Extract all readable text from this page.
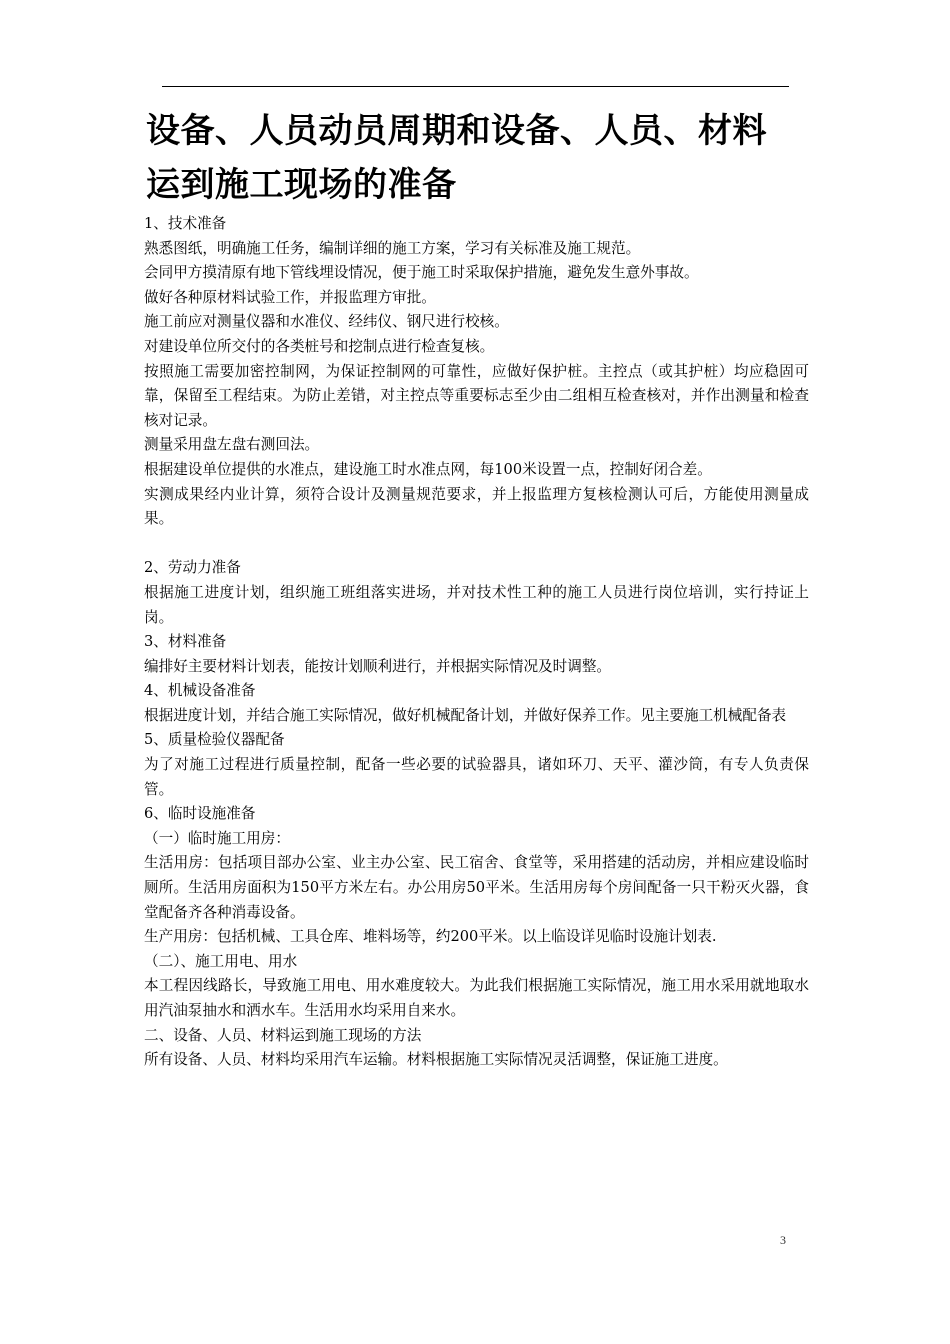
设备、人员动员周期和设备、人员、材料
运到施工现场的准备
1、技术准备
熟悉图纸，明确施工任务，编制详细的施工方案，学习有关标准及施工规范。
会同甲方摸清原有地下管线埋设情况，便于施工时采取保护措施，避免发生意外事故。
做好各种原材料试验工作，并报监理方审批。
施工前应对测量仪器和水准仪、经纬仪、钢尺进行校核。
对建设单位所交付的各类桩号和挖制点进行检查复核。
按照施工需要加密控制网，为保证控制网的可靠性，应做好保护桩。主控点（或其护桩）均应稳固可靠，保留至工程结束。为防止差错，对主控点等重要标志至少由二组相互检查核对，并作出测量和检查核对记录。
测量采用盘左盘右测回法。
根据建设单位提供的水准点，建设施工时水准点网，每100米设置一点，控制好闭合差。
实测成果经内业计算，须符合设计及测量规范要求，并上报监理方复核检测认可后，方能使用测量成果。
2、劳动力准备
根据施工进度计划，组织施工班组落实进场，并对技术性工种的施工人员进行岗位培训，实行持证上岗。
3、材料准备
编排好主要材料计划表，能按计划顺利进行，并根据实际情况及时调整。
4、机械设备准备
根据进度计划，并结合施工实际情况，做好机械配备计划，并做好保养工作。见主要施工机械配备表
5、质量检验仪器配备
为了对施工过程进行质量控制，配备一些必要的试验器具，诸如环刀、天平、灌沙筒，有专人负责保管。
6、临时设施准备
（一）临时施工用房：
生活用房：包括项目部办公室、业主办公室、民工宿舍、食堂等，采用搭建的活动房，并相应建设临时厕所。生活用房面积为150平方米左右。办公用房50平米。生活用房每个房间配备一只干粉灭火器，食堂配备齐各种消毒设备。
生产用房：包括机械、工具仓库、堆料场等，约200平米。以上临设详见临时设施计划表.
（二）、施工用电、用水
本工程因线路长，导致施工用电、用水难度较大。为此我们根据施工实际情况，施工用水采用就地取水用汽油泵抽水和洒水车。生活用水均采用自来水。
二、设备、人员、材料运到施工现场的方法
所有设备、人员、材料均采用汽车运输。材料根据施工实际情况灵活调整，保证施工进度。
3
